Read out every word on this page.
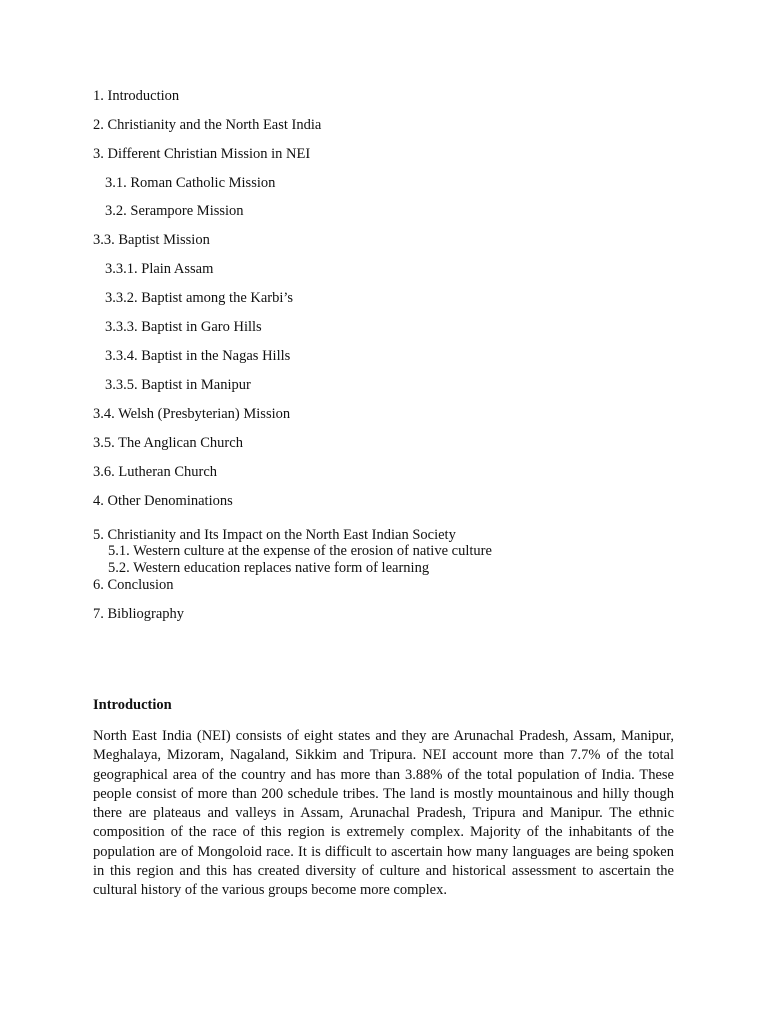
1. Introduction
2. Christianity and the North East India
3. Different Christian Mission in NEI
3.1. Roman Catholic Mission
3.2. Serampore Mission
3.3. Baptist Mission
3.3.1. Plain Assam
3.3.2. Baptist among the Karbi’s
3.3.3. Baptist in Garo Hills
3.3.4. Baptist in the Nagas Hills
3.3.5. Baptist in Manipur
3.4. Welsh (Presbyterian) Mission
3.5. The Anglican Church
3.6. Lutheran Church
4. Other Denominations
5. Christianity and Its Impact on the North East Indian Society
5.1. Western culture at the expense of the erosion of native culture
5.2. Western education replaces native form of learning
6. Conclusion
7. Bibliography
Introduction

North East India (NEI) consists of eight states and they are Arunachal Pradesh, Assam, Manipur, Meghalaya, Mizoram, Nagaland, Sikkim and Tripura. NEI account more than 7.7% of the total geographical area of the country and has more than 3.88% of the total population of India. These people consist of more than 200 schedule tribes. The land is mostly mountainous and hilly though there are plateaus and valleys in Assam, Arunachal Pradesh, Tripura and Manipur. The ethnic composition of the race of this region is extremely complex. Majority of the inhabitants of the population are of Mongoloid race. It is difficult to ascertain how many languages are being spoken in this region and this has created diversity of culture and historical assessment to ascertain the cultural history of the various groups become more complex.
